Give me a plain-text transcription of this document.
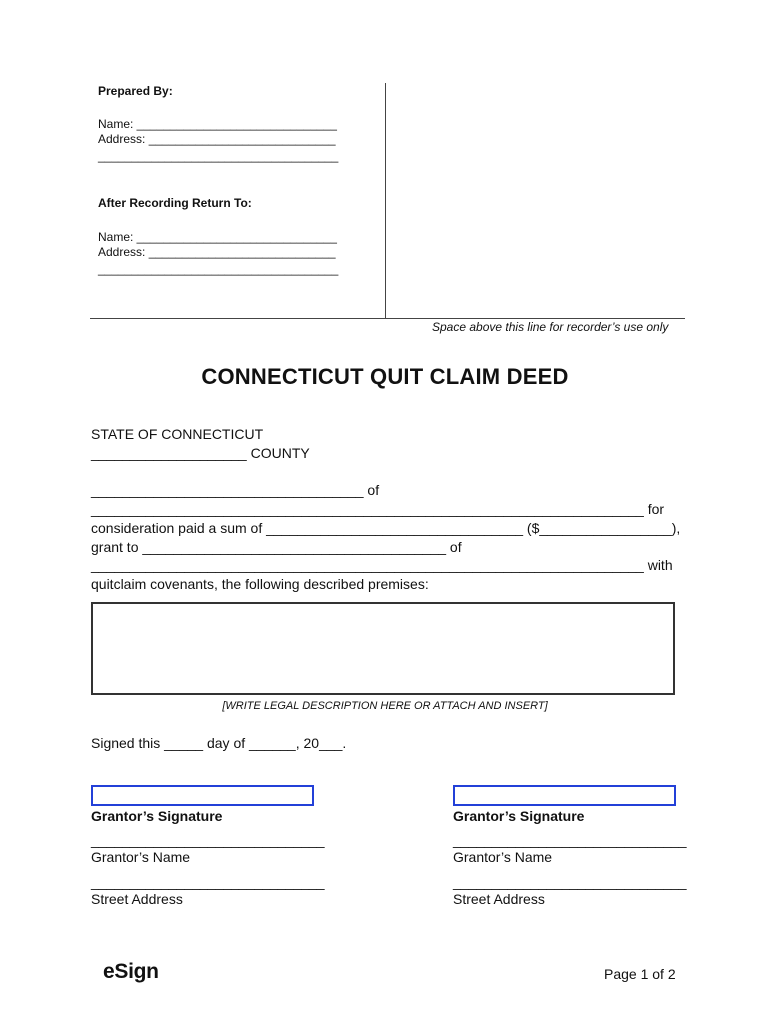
Prepared By:
Name: ______________________________
Address: ____________________________
____________________________________
After Recording Return To:
Name: ______________________________
Address: ____________________________
____________________________________
Space above this line for recorder’s use only
CONNECTICUT QUIT CLAIM DEED
STATE OF CONNECTICUT
____________________ COUNTY
___________________________________ of
_______________________________________________________________________ for
consideration paid a sum of _________________________________ ($_________________),
grant to _______________________________________ of
_______________________________________________________________________ with
quitclaim covenants, the following described premises:
[WRITE LEGAL DESCRIPTION HERE OR ATTACH AND INSERT]
Signed this _____ day of ______, 20___.
Grantor’s Signature
______________________________
Grantor’s Name
______________________________
Street Address
Grantor’s Signature
______________________________
Grantor’s Name
______________________________
Street Address
eSign	Page 1 of 2
